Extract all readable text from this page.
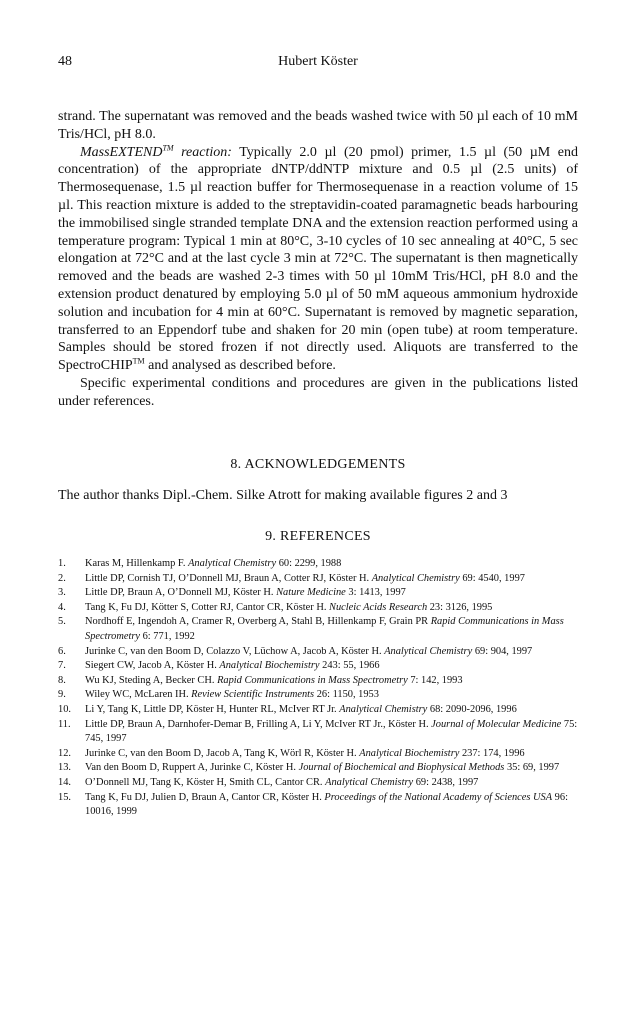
48	Hubert Köster

strand. The supernatant was removed and the beads washed twice with 50 µl each of 10 mM Tris/HCl, pH 8.0.

MassEXTEND™ reaction: Typically 2.0 µl (20 pmol) primer, 1.5 µl (50 µM end concentration) of the appropriate dNTP/ddNTP mixture and 0.5 µl (2.5 units) of Thermosequenase, 1.5 µl reaction buffer for Thermosequenase in a reaction volume of 15 µl. This reaction mixture is added to the streptavidin-coated paramagnetic beads harbouring the immobilised single stranded template DNA and the extension reaction performed using a temperature program: Typical 1 min at 80°C, 3-10 cycles of 10 sec annealing at 40°C, 5 sec elongation at 72°C and at the last cycle 3 min at 72°C. The supernatant is then magnetically removed and the beads are washed 2-3 times with 50 µl 10mM Tris/HCl, pH 8.0 and the extension product denatured by employing 5.0 µl of 50 mM aqueous ammonium hydroxide solution and incubation for 4 min at 60°C. Supernatant is removed by magnetic separation, transferred to an Eppendorf tube and shaken for 20 min (open tube) at room temperature. Samples should be stored frozen if not directly used. Aliquots are transferred to the SpectroCHIP™ and analysed as described before.

Specific experimental conditions and procedures are given in the publications listed under references.

8. ACKNOWLEDGEMENTS
The author thanks Dipl.-Chem. Silke Atrott for making available figures 2 and 3
9. REFERENCES
1.	Karas M, Hillenkamp F. Analytical Chemistry 60: 2299, 1988
2.	Little DP, Cornish TJ, O’Donnell MJ, Braun A, Cotter RJ, Köster H. Analytical Chemistry 69: 4540, 1997
3.	Little DP, Braun A, O’Donnell MJ, Köster H. Nature Medicine 3: 1413, 1997
4.	Tang K, Fu DJ, Kötter S, Cotter RJ, Cantor CR, Köster H. Nucleic Acids Research 23: 3126, 1995
5.	Nordhoff E, Ingendoh A, Cramer R, Overberg A, Stahl B, Hillenkamp F, Grain PR Rapid Communications in Mass Spectrometry 6: 771, 1992
6.	Jurinke C, van den Boom D, Colazzo V, Lüchow A, Jacob A, Köster H. Analytical Chemistry 69: 904, 1997
7.	Siegert CW, Jacob A, Köster H. Analytical Biochemistry 243: 55, 1966
8.	Wu KJ, Steding A, Becker CH. Rapid Communications in Mass Spectrometry 7: 142, 1993
9.	Wiley WC, McLaren IH. Review Scientific Instruments 26: 1150, 1953
10.	Li Y, Tang K, Little DP, Köster H, Hunter RL, McIver RT Jr. Analytical Chemistry 68: 2090-2096, 1996
11.	Little DP, Braun A, Darnhofer-Demar B, Frilling A, Li Y, McIver RT Jr., Köster H. Journal of Molecular Medicine 75: 745, 1997
12.	Jurinke C, van den Boom D, Jacob A, Tang K, Wörl R, Köster H. Analytical Biochemistry 237: 174, 1996
13.	Van den Boom D, Ruppert A, Jurinke C, Köster H. Journal of Biochemical and Biophysical Methods 35: 69, 1997
14.	O’Donnell MJ, Tang K, Köster H, Smith CL, Cantor CR. Analytical Chemistry 69: 2438, 1997
15.	Tang K, Fu DJ, Julien D, Braun A, Cantor CR, Köster H. Proceedings of the National Academy of Sciences USA 96: 10016, 1999
